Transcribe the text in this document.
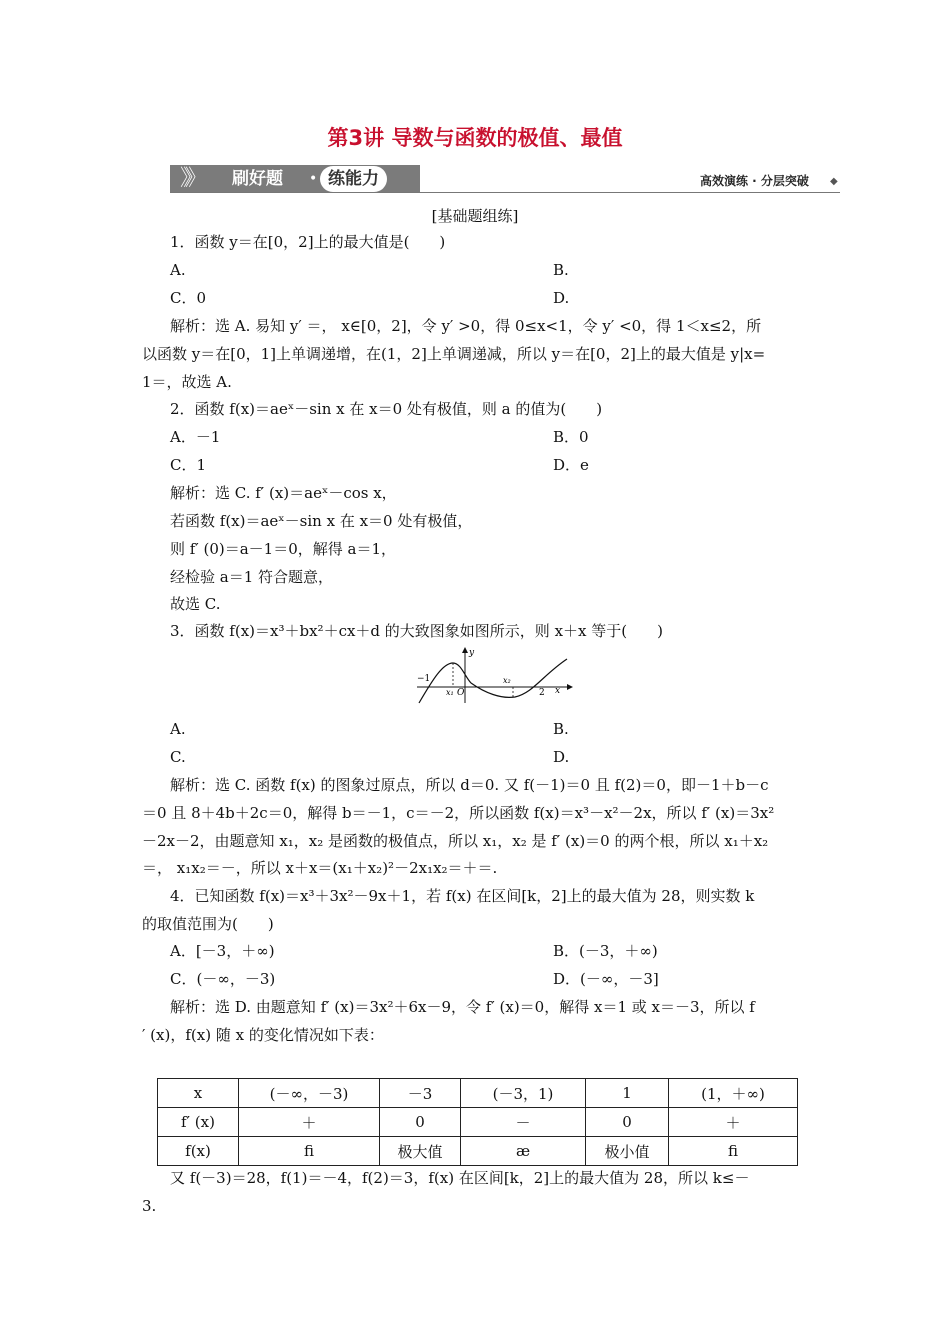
第3讲 导数与函数的极值、最值
》》 刷好题 • 练能力	高效演练 · 分层突破 ◆
[基础题组练]
1．函数 y＝在[0，2]上的最大值是(　　)
A.	B.
C．0	D.
解析：选 A. 易知 y′ ＝， x∈[0，2]，令 y′ >0，得 0≤x<1，令 y′ <0，得 1＜x≤2，所
以函数 y＝在[0，1]上单调递增，在(1，2]上单调递减，所以 y＝在[0，2]上的最大值是 y|x=
1＝，故选 A.
2．函数 f(x)＝aeˣ－sin x 在 x＝0 处有极值，则 a 的值为(　　)
A．－1	B．0
C．1	D．e
解析：选 C. f′ (x)＝aeˣ－cos x，
若函数 f(x)＝aeˣ－sin x 在 x＝0 处有极值，
则 f′ (0)＝a－1＝0，解得 a＝1，
经检验 a＝1 符合题意，
故选 C.
3．函数 f(x)＝x³＋bx²＋cx＋d 的大致图象如图所示，则 x＋x 等于(　　)
y
x
−1
x₁ O
x₂
2
A.	B.
C.	D.
解析：选 C. 函数 f(x) 的图象过原点，所以 d＝0. 又 f(－1)＝0 且 f(2)＝0，即－1＋b－c
＝0 且 8＋4b＋2c＝0，解得 b＝－1，c＝－2，所以函数 f(x)＝x³－x²－2x，所以 f′ (x)＝3x²
－2x－2，由题意知 x₁，x₂ 是函数的极值点，所以 x₁，x₂ 是 f′ (x)＝0 的两个根，所以 x₁＋x₂
＝， x₁x₂＝－，所以 x＋x＝(x₁＋x₂)²－2x₁x₂＝＋＝.
4．已知函数 f(x)＝x³＋3x²－9x＋1，若 f(x) 在区间[k，2]上的最大值为 28，则实数 k
的取值范围为(　　)
A．[－3，＋∞)	B．(－3，＋∞)
C．(－∞，－3)	D．(－∞，－3]
解析：选 D. 由题意知 f′ (x)＝3x²＋6x－9，令 f′ (x)＝0，解得 x＝1 或 x＝－3，所以 f
′ (x)，f(x) 随 x 的变化情况如下表：
x	(－∞，－3)	－3	(－3，1)	1	(1，＋∞)
f′ (x)	＋	0	－	0	＋
f(x)	ﬁ	极大值	æ	极小值	ﬁ
又 f(－3)＝28，f(1)＝－4，f(2)＝3，f(x) 在区间[k，2]上的最大值为 28，所以 k≤－
3.
